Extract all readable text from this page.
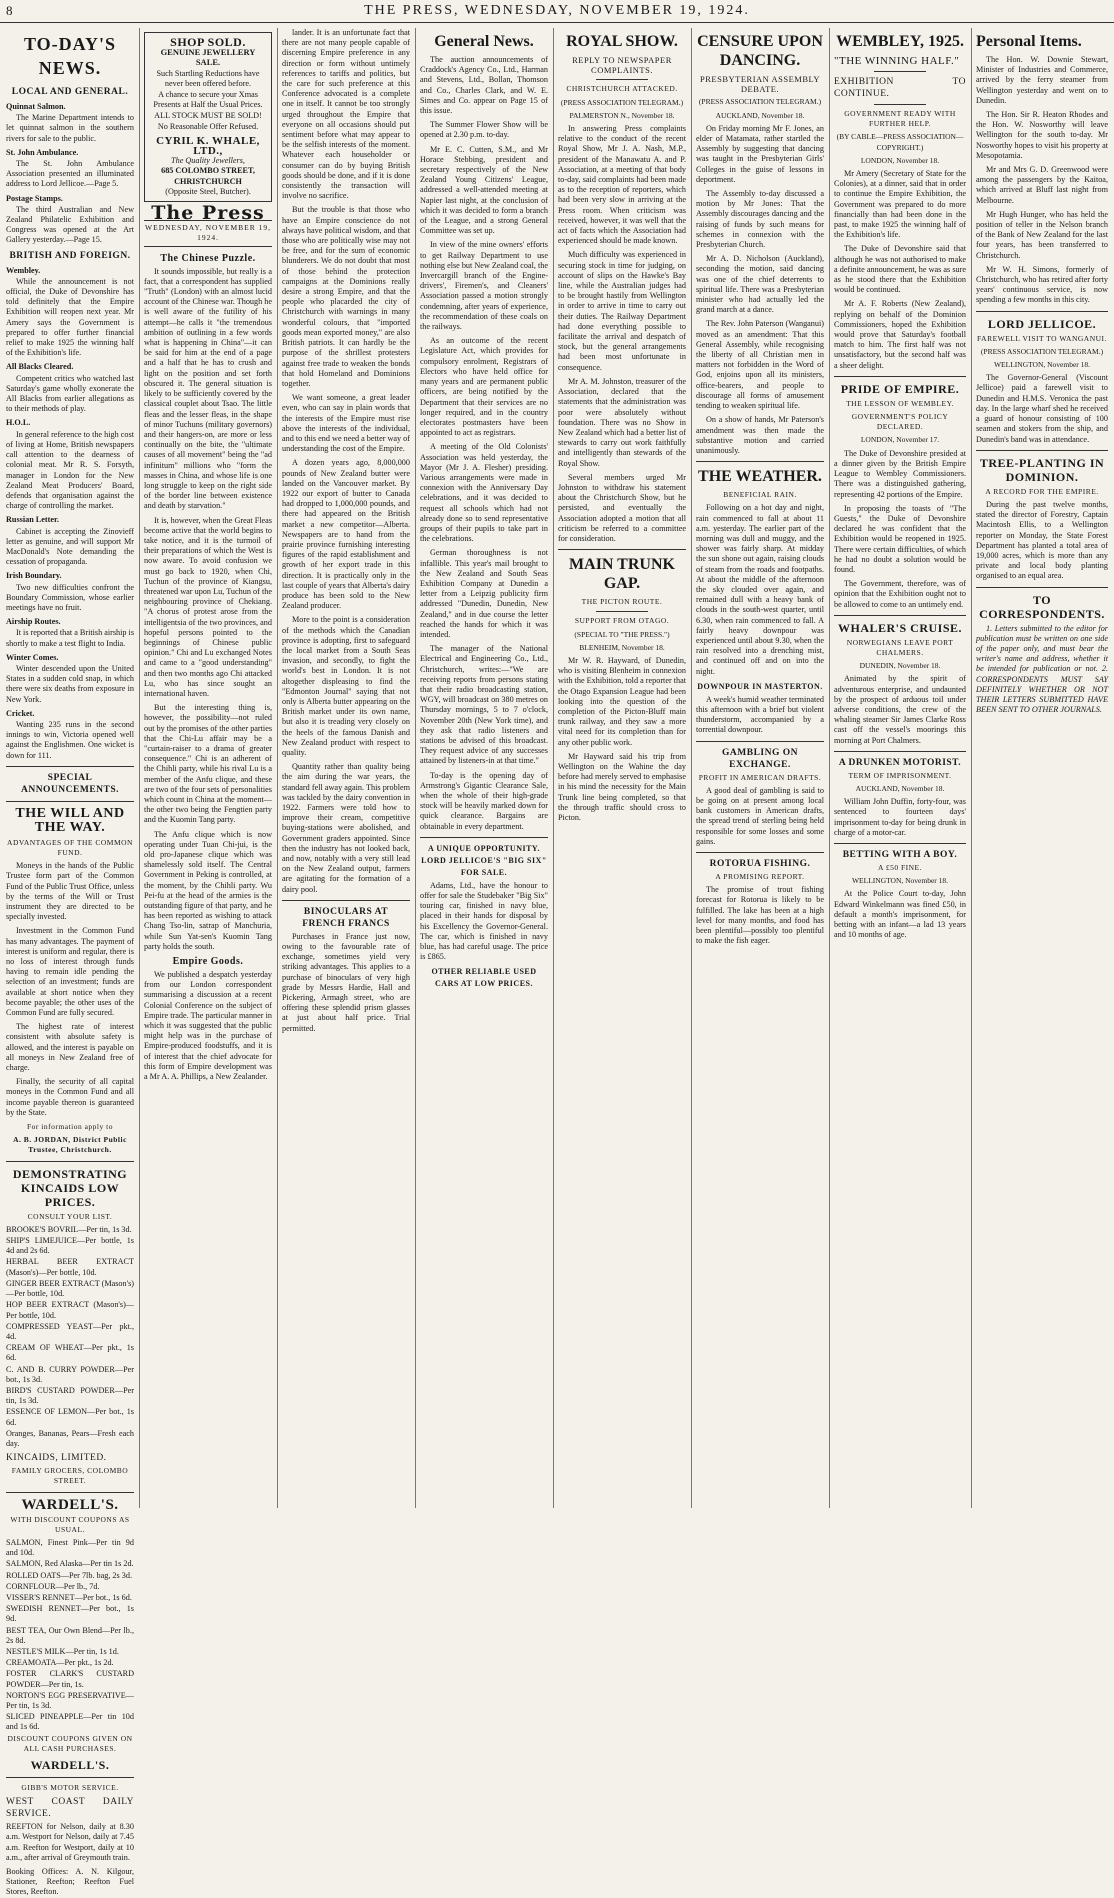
8	THE PRESS, WEDNESDAY, NOVEMBER 19, 1924.
TO-DAY'S NEWS.
LOCAL AND GENERAL.
Quinnat Salmon.

The Marine Department intends to let quinnat salmon in the southern rivers for sale to the public.

St. John Ambulance.

The St. John Ambulance Association presented an illuminated address to Lord Jellicoe.—Page 5.

Postage Stamps.

The third Australian and New Zealand Philatelic Exhibition and Congress was opened at the Art Gallery yesterday.—Page 15.

BRITISH AND FOREIGN.
Wembley.

While the announcement is not official, the Duke of Devonshire has told definitely that the Empire Exhibition will reopen next year. Mr Amery says the Government is prepared to offer further financial relief to make 1925 the winning half of the Exhibition's life.

All Blacks Cleared.

Competent critics who watched last Saturday's game wholly exonerate the All Blacks from earlier allegations as to their methods of play.

H.O.L.

In general reference to the high cost of living at Home, British newspapers call attention to the dearness of colonial meat. Mr R. S. Forsyth, manager in London for the New Zealand Meat Producers' Board, defends that organisation against the charge of controlling the market.

Russian Letter.

Cabinet is accepting the Zinovieff letter as genuine, and will support Mr MacDonald's Note demanding the cessation of propaganda.

Irish Boundary.

Two new difficulties confront the Boundary Commission, whose earlier meetings have no fruit.

Airship Routes.

It is reported that a British airship is shortly to make a test flight to India.

Winter Comes.

Winter descended upon the United States in a sudden cold snap, in which there were six deaths from exposure in New York.

Cricket.

Wanting 235 runs in the second innings to win, Victoria opened well against the Englishmen. One wicket is down for 111.

SPECIAL ANNOUNCEMENTS.
THE WILL AND THE WAY.
ADVANTAGES OF THE COMMON FUND.

Moneys in the hands of the Public Trustee form part of the Common Fund of the Public Trust Office, unless by the terms of the Will or Trust instrument they are directed to be specially invested.

Investment in the Common Fund has many advantages. The payment of interest is uniform and regular, there is no loss of interest through funds having to remain idle pending the selection of an investment; funds are available at short notice when they become payable; the other uses of the Common Fund are fully secured.

The highest rate of interest consistent with absolute safety is allowed, and the interest is payable on all moneys in New Zealand free of charge.

Finally, the security of all capital moneys in the Common Fund and all income payable thereon is guaranteed by the State.

For information apply to
A. B. JORDAN, District Public Trustee, Christchurch.
DEMONSTRATING KINCAIDS LOW PRICES.
CONSULT YOUR LIST.
BROOKE'S BOVRIL—Per tin, 1s 3d.
SHIP'S LIMEJUICE—Per bottle, 1s 4d and 2s 6d.
HERBAL BEER EXTRACT (Mason's)—Per bottle, 10d.
GINGER BEER EXTRACT (Mason's)—Per bottle, 10d.
HOP BEER EXTRACT (Mason's)—Per bottle, 10d.
COMPRESSED YEAST—Per pkt., 4d.
CREAM OF WHEAT—Per pkt., 1s 6d.
C. AND B. CURRY POWDER—Per bot., 1s 3d.
BIRD'S CUSTARD POWDER—Per tin, 1s 3d.
ESSENCE OF LEMON—Per bot., 1s 6d.
Oranges, Bananas, Pears—Fresh each day.
KINCAIDS, LIMITED.
FAMILY GROCERS, COLOMBO STREET.
WARDELL'S.
WITH DISCOUNT COUPONS AS USUAL.
SALMON, Finest Pink—Per tin 9d and 10d.
SALMON, Red Alaska—Per tin 1s 2d.
ROLLED OATS—Per 7lb. bag, 2s 3d.
CORNFLOUR—Per lb., 7d.
VISSER'S RENNET—Per bot., 1s 6d.
SWEDISH RENNET—Per bot., 1s 9d.
BEST TEA, Our Own Blend—Per lb., 2s 8d.
NESTLE'S MILK—Per tin, 1s 1d.
CREAMOATA—Per pkt., 1s 2d.
FOSTER CLARK'S CUSTARD POWDER—Per tin, 1s.
NORTON'S EGG PRESERVATIVE—Per tin, 1s 3d.
SLICED PINEAPPLE—Per tin 10d and 1s 6d.
DISCOUNT COUPONS GIVEN ON ALL CASH PURCHASES.
WARDELL'S.
GIBB'S MOTOR SERVICE.
WEST COAST DAILY SERVICE.

REEFTON for Nelson, daily at 8.30 a.m. Westport for Nelson, daily at 7.45 a.m. Reefton for Westport, daily at 10 a.m., after arrival of Greymouth train.

Booking Offices: A. N. Kilgour, Stationer, Reefton; Reefton Fuel Stores, Reefton.

SHOP SOLD.
GENUINE JEWELLERY SALE.
Such Startling Reductions have never been offered before.
A chance to secure your Xmas Presents at Half the Usual Prices.
ALL STOCK MUST BE SOLD! No Reasonable Offer Refused.
CYRIL K. WHALE, LTD.,
The Quality Jewellers,
685 COLOMBO STREET, CHRISTCHURCH
(Opposite Steel, Butcher).
The Press
WEDNESDAY, NOVEMBER 19, 1924.
The Chinese Puzzle.

It sounds impossible, but really is a fact, that a correspondent has supplied "Truth" (London) with an almost lucid account of the Chinese war. Though he is well aware of the futility of his attempt—he calls it "the tremendous ambition of outlining in a few words what is happening in China"—it can be said for him at the end of a page and a half that he has to crush and light on the position and set forth obscured it. The general situation is likely to be sufficiently covered by the classical couplet about Tsao. The little fleas and the lesser fleas, in the shape of minor Tuchuns (military governors) and their hangers-on, are more or less continually on the bite, the "ultimate causes of all movement" being the "ad infinitum" millions who "form the masses in China, and whose life is one long struggle to keep on the right side of the border line between existence and death by starvation."

It is, however, when the Great Fleas become active that the world begins to take notice, and it is the turmoil of their preparations of which the West is now aware. To avoid confusion we must go back to 1920, when Chi, Tuchun of the province of Kiangsu, threatened war upon Lu, Tuchun of the neighbouring province of Chekiang. "A chorus of protest arose from the intelligentsia of the two provinces, and hopeful persons pointed to the beginnings of Chinese public opinion." Chi and Lu exchanged Notes and came to a "good understanding" and then two months ago Chi attacked Lu, who has since sought an international haven.

But the interesting thing is, however, the possibility—not ruled out by the promises of the other parties that the Chi-Lu affair may be a "curtain-raiser to a drama of greater consequence." Chi is an adherent of the Chihli party, while his rival Lu is a member of the Anfu clique, and these are two of the four sets of personalities which count in China at the moment—the other two being the Fengtien party and the Kuomin Tang party.

The Anfu clique which is now operating under Tuan Chi-jui, is the old pro-Japanese clique which was shamelessly sold itself. The Central Government in Peking is controlled, at the moment, by the Chihli party. Wu Pei-fu at the head of the armies is the outstanding figure of that party, and he has been reported as wishing to attack Chang Tso-lin, satrap of Manchuria, while Sun Yat-sen's Kuomin Tang party holds the south.

Empire Goods.

We published a despatch yesterday from our London correspondent summarising a discussion at a recent Colonial Conference on the subject of Empire trade. The particular manner in which it was suggested that the public might help was in the purchase of Empire-produced foodstuffs, and it is of interest that the chief advocate for this form of Empire development was a Mr A. A. Phillips, a New Zealander.

lander. It is an unfortunate fact that there are not many people capable of discerning Empire preference in any direction or form without untimely references to tariffs and politics, but the care for such preference at this Conference advocated is a complete one in itself. It cannot be too strongly urged throughout the Empire that everyone on all occasions should put sentiment before what may appear to be the selfish interests of the moment. Whatever each householder or consumer can do by buying British goods should be done, and if it is done consistently the transaction will involve no sacrifice.

But the trouble is that those who have an Empire conscience do not always have political wisdom, and that those who are politically wise may not be free, and for the sum of economic blunderers. We do not doubt that most of those behind the protection campaigns at the Dominions really desire a strong Empire, and that the people who placarded the city of Christchurch with warnings in many wonderful colours, that "imported goods mean exported money," are also British patriots. It can hardly be the purpose of the shrillest protesters against free trade to weaken the bonds that hold Homeland and Dominions together.

We want someone, a great leader even, who can say in plain words that the interests of the Empire must rise above the interests of the individual, and to this end we need a better way of understanding the cost of the Empire.

A dozen years ago, 8,000,000 pounds of New Zealand butter were landed on the Vancouver market. By 1922 our export of butter to Canada had dropped to 1,000,000 pounds, and there had appeared on the British market a new competitor—Alberta. Newspapers are to hand from the prairie province furnishing interesting figures of the rapid establishment and growth of her export trade in this direction. It is practically only in the last couple of years that Alberta's dairy produce has been sold to the New Zealand producer.

More to the point is a consideration of the methods which the Canadian province is adopting, first to safeguard the local market from a South Seas invasion, and secondly, to fight the world's best in London. It is not altogether displeasing to find the "Edmonton Journal" saying that not only is Alberta butter appearing on the British market under its own name, but also it is treading very closely on the heels of the famous Danish and New Zealand product with respect to quality.

Quantity rather than quality being the aim during the war years, the standard fell away again. This problem was tackled by the dairy convention in 1922. Farmers were told how to improve their cream, competitive buying-stations were abolished, and Government graders appointed. Since then the industry has not looked back, and now, notably with a very still lead on the New Zealand output, farmers are agitating for the formation of a dairy pool.

BINOCULARS AT FRENCH FRANCS

Purchases in France just now, owing to the favourable rate of exchange, sometimes yield very striking advantages. This applies to a purchase of binoculars of very high grade by Messrs Hardie, Hall and Pickering, Armagh street, who are offering these splendid prism glasses at just about half price. Trial permitted.

General News.

The auction announcements of Craddock's Agency Co., Ltd., Harman and Stevens, Ltd., Bollan, Thomson and Co., Charles Clark, and W. E. Simes and Co. appear on Page 15 of this issue.

The Summer Flower Show will be opened at 2.30 p.m. to-day.

Mr E. C. Cutten, S.M., and Mr Horace Stebbing, president and secretary respectively of the New Zealand Young Citizens' League, addressed a well-attended meeting at Napier last night, at the conclusion of which it was decided to form a branch of the League, and a strong General Committee was set up.

In view of the mine owners' efforts to get Railway Department to use nothing else but New Zealand coal, the Invercargill branch of the Engine-drivers', Firemen's, and Cleaners' Association passed a motion strongly condemning, after years of experience, the recommendation of these coals on the railways.

As an outcome of the recent Legislature Act, which provides for compulsory enrolment, Registrars of Electors who have held office for many years and are permanent public officers, are being notified by the Department that their services are no longer required, and in the country electorates postmasters have been appointed to act as registrars.

A meeting of the Old Colonists' Association was held yesterday, the Mayor (Mr J. A. Flesher) presiding. Various arrangements were made in connexion with the Anniversary Day celebrations, and it was decided to request all schools which had not already done so to send representative groups of their pupils to take part in the celebrations.

German thoroughness is not infallible. This year's mail brought to the New Zealand and South Seas Exhibition Company at Dunedin a letter from a Leipzig publicity firm addressed "Dunedin, Dunedin, New Zealand," and in due course the letter reached the hands for which it was intended.

The manager of the National Electrical and Engineering Co., Ltd., Christchurch, writes:—"We are receiving reports from persons stating that their radio broadcasting station, WGY, will broadcast on 380 metres on Thursday mornings, 5 to 7 o'clock, November 20th (New York time), and they ask that radio listeners and stations be advised of this broadcast. They request advice of any successes attained by listeners-in at that time."

To-day is the opening day of Armstrong's Gigantic Clearance Sale, when the whole of their high-grade stock will be heavily marked down for quick clearance. Bargains are obtainable in every department.

A UNIQUE OPPORTUNITY. LORD JELLICOE'S "BIG SIX" FOR SALE.

Adams, Ltd., have the honour to offer for sale the Studebaker "Big Six" touring car, finished in navy blue, placed in their hands for disposal by his Excellency the Governor-General. The car, which is finished in navy blue, has had careful usage. The price is £865.

OTHER RELIABLE USED CARS AT LOW PRICES.
ROYAL SHOW.
REPLY TO NEWSPAPER COMPLAINTS.
CHRISTCHURCH ATTACKED.
(PRESS ASSOCIATION TELEGRAM.)
PALMERSTON N., November 18.

In answering Press complaints relative to the conduct of the recent Royal Show, Mr J. A. Nash, M.P., president of the Manawatu A. and P. Association, at a meeting of that body to-day, said complaints had been made as to the reception of reporters, which had been very slow in arriving at the Press room. When criticism was received, however, it was well that the act of facts which the Association had experienced should be made known.

Much difficulty was experienced in securing stock in time for judging, on account of slips on the Hawke's Bay line, while the Australian judges had to be brought hastily from Wellington in order to arrive in time to carry out their duties. The Railway Department had done everything possible to facilitate the arrival and despatch of stock, but the general arrangements had been most unfortunate in consequence.

Mr A. M. Johnston, treasurer of the Association, declared that the statements that the administration was poor were absolutely without foundation. There was no Show in New Zealand which had a better list of stewards to carry out work faithfully and intelligently than stewards of the Royal Show.

Several members urged Mr Johnston to withdraw his statement about the Christchurch Show, but he persisted, and eventually the Association adopted a motion that all criticism be referred to a committee for consideration.

MAIN TRUNK GAP.
THE PICTON ROUTE.
SUPPORT FROM OTAGO.
(SPECIAL TO "THE PRESS.")
BLENHEIM, November 18.

Mr W. R. Hayward, of Dunedin, who is visiting Blenheim in connexion with the Exhibition, told a reporter that the Otago Expansion League had been looking into the question of the completion of the Picton-Bluff main trunk railway, and they saw a more vital need for its completion than for any other public work.

Mr Hayward said his trip from Wellington on the Wahine the day before had merely served to emphasise in his mind the necessity for the Main Trunk line being completed, so that the through traffic should cross to Picton.

CENSURE UPON DANCING.
PRESBYTERIAN ASSEMBLY DEBATE.
(PRESS ASSOCIATION TELEGRAM.)
AUCKLAND, November 18.

On Friday morning Mr F. Jones, an elder of Matamata, rather startled the Assembly by suggesting that dancing was taught in the Presbyterian Girls' Colleges in the guise of lessons in deportment.

The Assembly to-day discussed a motion by Mr Jones: That the Assembly discourages dancing and the raising of funds by such means for schemes in connexion with the Presbyterian Church.

Mr A. D. Nicholson (Auckland), seconding the motion, said dancing was one of the chief deterrents to spiritual life. There was a Presbyterian minister who had actually led the grand march at a dance.

The Rev. John Paterson (Wanganui) moved as an amendment: That this General Assembly, while recognising the liberty of all Christian men in matters not forbidden in the Word of God, enjoins upon all its ministers, office-bearers, and people to discourage all forms of amusement tending to weaken spiritual life.

On a show of hands, Mr Paterson's amendment was then made the substantive motion and carried unanimously.

THE WEATHER.
BENEFICIAL RAIN.

Following on a hot day and night, rain commenced to fall at about 11 a.m. yesterday. The earlier part of the morning was dull and muggy, and the shower was fairly sharp. At midday the sun shone out again, raising clouds of steam from the roads and footpaths. At about the middle of the afternoon the sky clouded over again, and remained dull with a heavy bank of clouds in the south-west quarter, until 6.30, when rain commenced to fall. A fairly heavy downpour was experienced until about 9.30, when the rain resolved into a drenching mist, and continued off and on into the night.

DOWNPOUR IN MASTERTON.

A week's humid weather terminated this afternoon with a brief but violent thunderstorm, accompanied by a torrential downpour.

GAMBLING ON EXCHANGE.
PROFIT IN AMERICAN DRAFTS.

A good deal of gambling is said to be going on at present among local bank customers in American drafts, the spread trend of sterling being held responsible for some losses and some gains.

ROTORUA FISHING.
A PROMISING REPORT.

The promise of trout fishing forecast for Rotorua is likely to be fulfilled. The lake has been at a high level for many months, and food has been plentiful—possibly too plentiful to make the fish eager.

WEMBLEY, 1925.
"THE WINNING HALF."
EXHIBITION TO CONTINUE.
GOVERNMENT READY WITH FURTHER HELP.
(BY CABLE—PRESS ASSOCIATION—COPYRIGHT.)
LONDON, November 18.

Mr Amery (Secretary of State for the Colonies), at a dinner, said that in order to continue the Empire Exhibition, the Government was prepared to do more financially than had been done in the past, to make 1925 the winning half of the Exhibition's life.

The Duke of Devonshire said that although he was not authorised to make a definite announcement, he was as sure as he stood there that the Exhibition would be continued.

Mr A. F. Roberts (New Zealand), replying on behalf of the Dominion Commissioners, hoped the Exhibition would prove that Saturday's football match to him. The first half was not unsatisfactory, but the second half was a sheer delight.

PRIDE OF EMPIRE.
THE LESSON OF WEMBLEY.
GOVERNMENT'S POLICY DECLARED.
LONDON, November 17.

The Duke of Devonshire presided at a dinner given by the British Empire League to Wembley Commissioners. There was a distinguished gathering, representing 42 portions of the Empire.

In proposing the toasts of "The Guests," the Duke of Devonshire declared he was confident that the Exhibition would be reopened in 1925. There were certain difficulties, of which he had no doubt a solution would be found.

The Government, therefore, was of opinion that the Exhibition ought not to be allowed to come to an untimely end.

WHALER'S CRUISE.
NORWEGIANS LEAVE PORT CHALMERS.
DUNEDIN, November 18.

Animated by the spirit of adventurous enterprise, and undaunted by the prospect of arduous toil under adverse conditions, the crew of the whaling steamer Sir James Clarke Ross cast off the vessel's moorings this morning at Port Chalmers.

A DRUNKEN MOTORIST.
TERM OF IMPRISONMENT.
AUCKLAND, November 18.

William John Duffin, forty-four, was sentenced to fourteen days' imprisonment to-day for being drunk in charge of a motor-car.

BETTING WITH A BOY.
A £50 FINE.
WELLINGTON, November 18.

At the Police Court to-day, John Edward Winkelmann was fined £50, in default a month's imprisonment, for betting with an infant—a lad 13 years and 10 months of age.

Personal Items.

The Hon. W. Downie Stewart, Minister of Industries and Commerce, arrived by the ferry steamer from Wellington yesterday and went on to Dunedin.

The Hon. Sir R. Heaton Rhodes and the Hon. W. Nosworthy will leave Wellington for the south to-day. Mr Nosworthy hopes to visit his property at Mesopotamia.

Mr and Mrs G. D. Greenwood were among the passengers by the Kaitoa, which arrived at Bluff last night from Melbourne.

Mr Hugh Hunger, who has held the position of teller in the Nelson branch of the Bank of New Zealand for the last four years, has been transferred to Christchurch.

Mr W. H. Simons, formerly of Christchurch, who has retired after forty years' continuous service, is now spending a few months in this city.

LORD JELLICOE.
FAREWELL VISIT TO WANGANUI.
(PRESS ASSOCIATION TELEGRAM.)
WELLINGTON, November 18.

The Governor-General (Viscount Jellicoe) paid a farewell visit to Dunedin and H.M.S. Veronica the past day. In the large wharf shed he received a guard of honour consisting of 100 seamen and stokers from the ship, and Dunedin's band was in attendance.

TREE-PLANTING IN DOMINION.
A RECORD FOR THE EMPIRE.

During the past twelve months, stated the director of Forestry, Captain Macintosh Ellis, to a Wellington reporter on Monday, the State Forest Department has planted a total area of 19,000 acres, which is more than any private and local body planting organised to an equal area.

TO CORRESPONDENTS.

1. Letters submitted to the editor for publication must be written on one side of the paper only, and must bear the writer's name and address, whether it be intended for publication or not. 2. CORRESPONDENTS MUST SAY DEFINITELY WHETHER OR NOT THEIR LETTERS SUBMITTED HAVE BEEN SENT TO OTHER JOURNALS.
